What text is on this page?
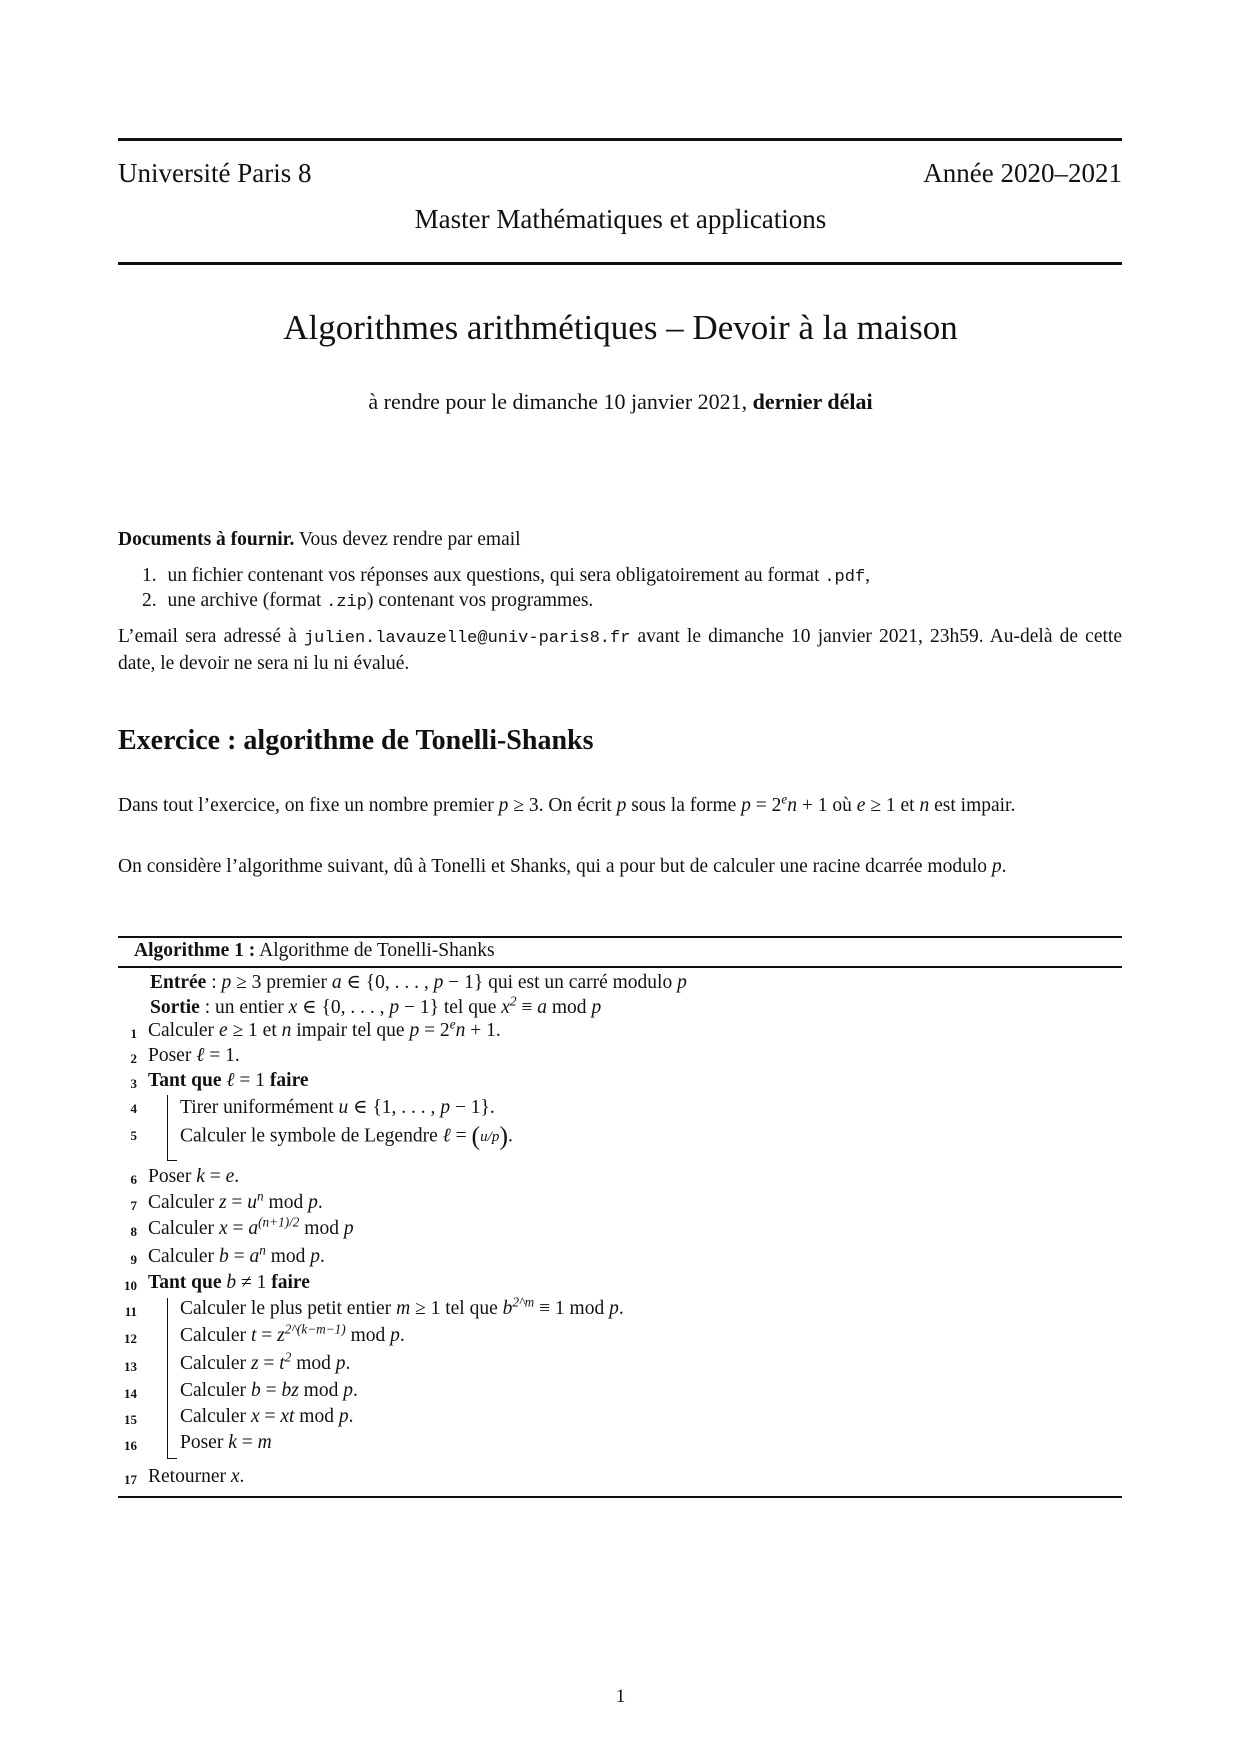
Université Paris 8	Année 2020–2021
Master Mathématiques et applications
Algorithmes arithmétiques – Devoir à la maison
à rendre pour le dimanche 10 janvier 2021, dernier délai
Documents à fournir. Vous devez rendre par email
1. un fichier contenant vos réponses aux questions, qui sera obligatoirement au format .pdf,
2. une archive (format .zip) contenant vos programmes.
L’email sera adressé à julien.lavauzelle@univ-paris8.fr avant le dimanche 10 janvier 2021, 23h59. Au-delà de cette date, le devoir ne sera ni lu ni évalué.
Exercice : algorithme de Tonelli-Shanks
Dans tout l’exercice, on fixe un nombre premier p ≥ 3. On écrit p sous la forme $p = 2^en + 1$ où e ≥ 1 et n est impair.
On considère l’algorithme suivant, dû à Tonelli et Shanks, qui a pour but de calculer une racine dcarrée modulo p.
Algorithme 1 : Algorithme de Tonelli-Shanks
Entrée : p ≥ 3 premier a ∈ {0, . . . , p − 1} qui est un carré modulo p
Sortie : un entier x ∈ {0, . . . , p − 1} tel que $x^2 \equiv a$ mod p
1 Calculer e ≥ 1 et n impair tel que $p = 2^en + 1$.
2 Poser ℓ = 1.
3 Tant que ℓ = 1 faire
4 Tirer uniformément u ∈ {1, . . . , p − 1}.
5 Calculer le symbole de Legendre ℓ = (u/p).
6 Poser k = e.
7 Calculer $z = u^n$ mod p.
8 Calculer $x = a^{(n+1)/2}$ mod p
9 Calculer $b = a^n$ mod p.
10 Tant que b ≠ 1 faire
11 Calculer le plus petit entier m ≥ 1 tel que $b^{2\^{}m} \equiv 1$ mod p.
12 Calculer $t = z^{2\^{}(k-m-1)}$ mod p.
13 Calculer $z = t^2$ mod p.
14 Calculer b = bz mod p.
15 Calculer x = xt mod p.
16 Poser k = m
17 Retourner x.
1
